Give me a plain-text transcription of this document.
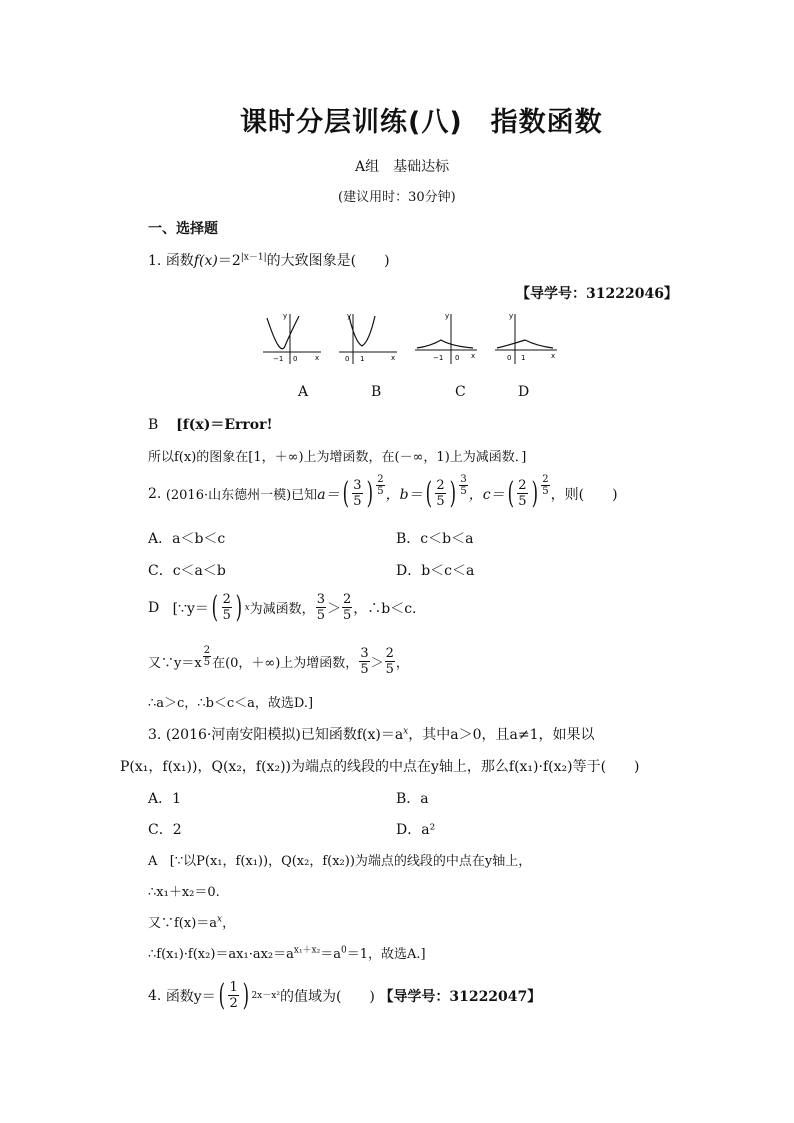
课时分层训练(八)　指数函数
A组　基础达标
(建议用时：30分钟)
一、选择题
1. 函数$f(x)=2^{|x-1|}$的大致图象是(　　)
【导学号：31222046】
y
x
−1 0
y
x
0 1
y
x
−1 0
y
x
0 1
A	B	C	D
B [f(x)＝Error!
所以f(x)的图象在[1，＋∞)上为增函数，在(－∞，1)上为减函数．]
2.
(2016·山东德州一模)已知 a＝ ( $\frac{3}{5}$ ) $\frac{2}{5}$ ，b＝ ( $\frac{2}{5}$ ) $\frac{3}{5}$ ，c＝ ( $\frac{2}{5}$ ) $\frac{2}{5}$ ，则(　　)
A．a＜b＜c	B．c＜b＜a
C．c＜a＜b	D．b＜c＜a
D
[∵y＝ ( $\frac{2}{5}$ ) x 为减函数， $\frac{3}{5} > \frac{2}{5}$ ，∴b＜c.
又∵y＝x $\frac{2}{5}$ 在(0，＋∞)上为增函数， $\frac{3}{5} > \frac{2}{5}$ ，
∴a＞c，∴b＜c＜a，故选D.]
3. (2016·河南安阳模拟)已知函数$f(x)=a^x$，其中a＞0，且a≠1，如果以
P(x₁，f(x₁))，Q(x₂，f(x₂))为端点的线段的中点在y轴上，那么f(x₁)·f(x₂)等于(　　)
A．1	B．a
C．2	D．a²
A [∵以P(x₁，f(x₁))，Q(x₂，f(x₂))为端点的线段的中点在y轴上，
∴x₁＋x₂＝0.
又$\because f(x)=a^x$，
$\therefore f(x_1)\cdot f(x_2)=ax_1\cdot ax_2=a^{x_1+x_2}=a^0=1$，故选A.]
4.
函数y＝ ( $\frac{1}{2}$ ) 2x－x² 的值域为(　　)
【导学号：31222047】
